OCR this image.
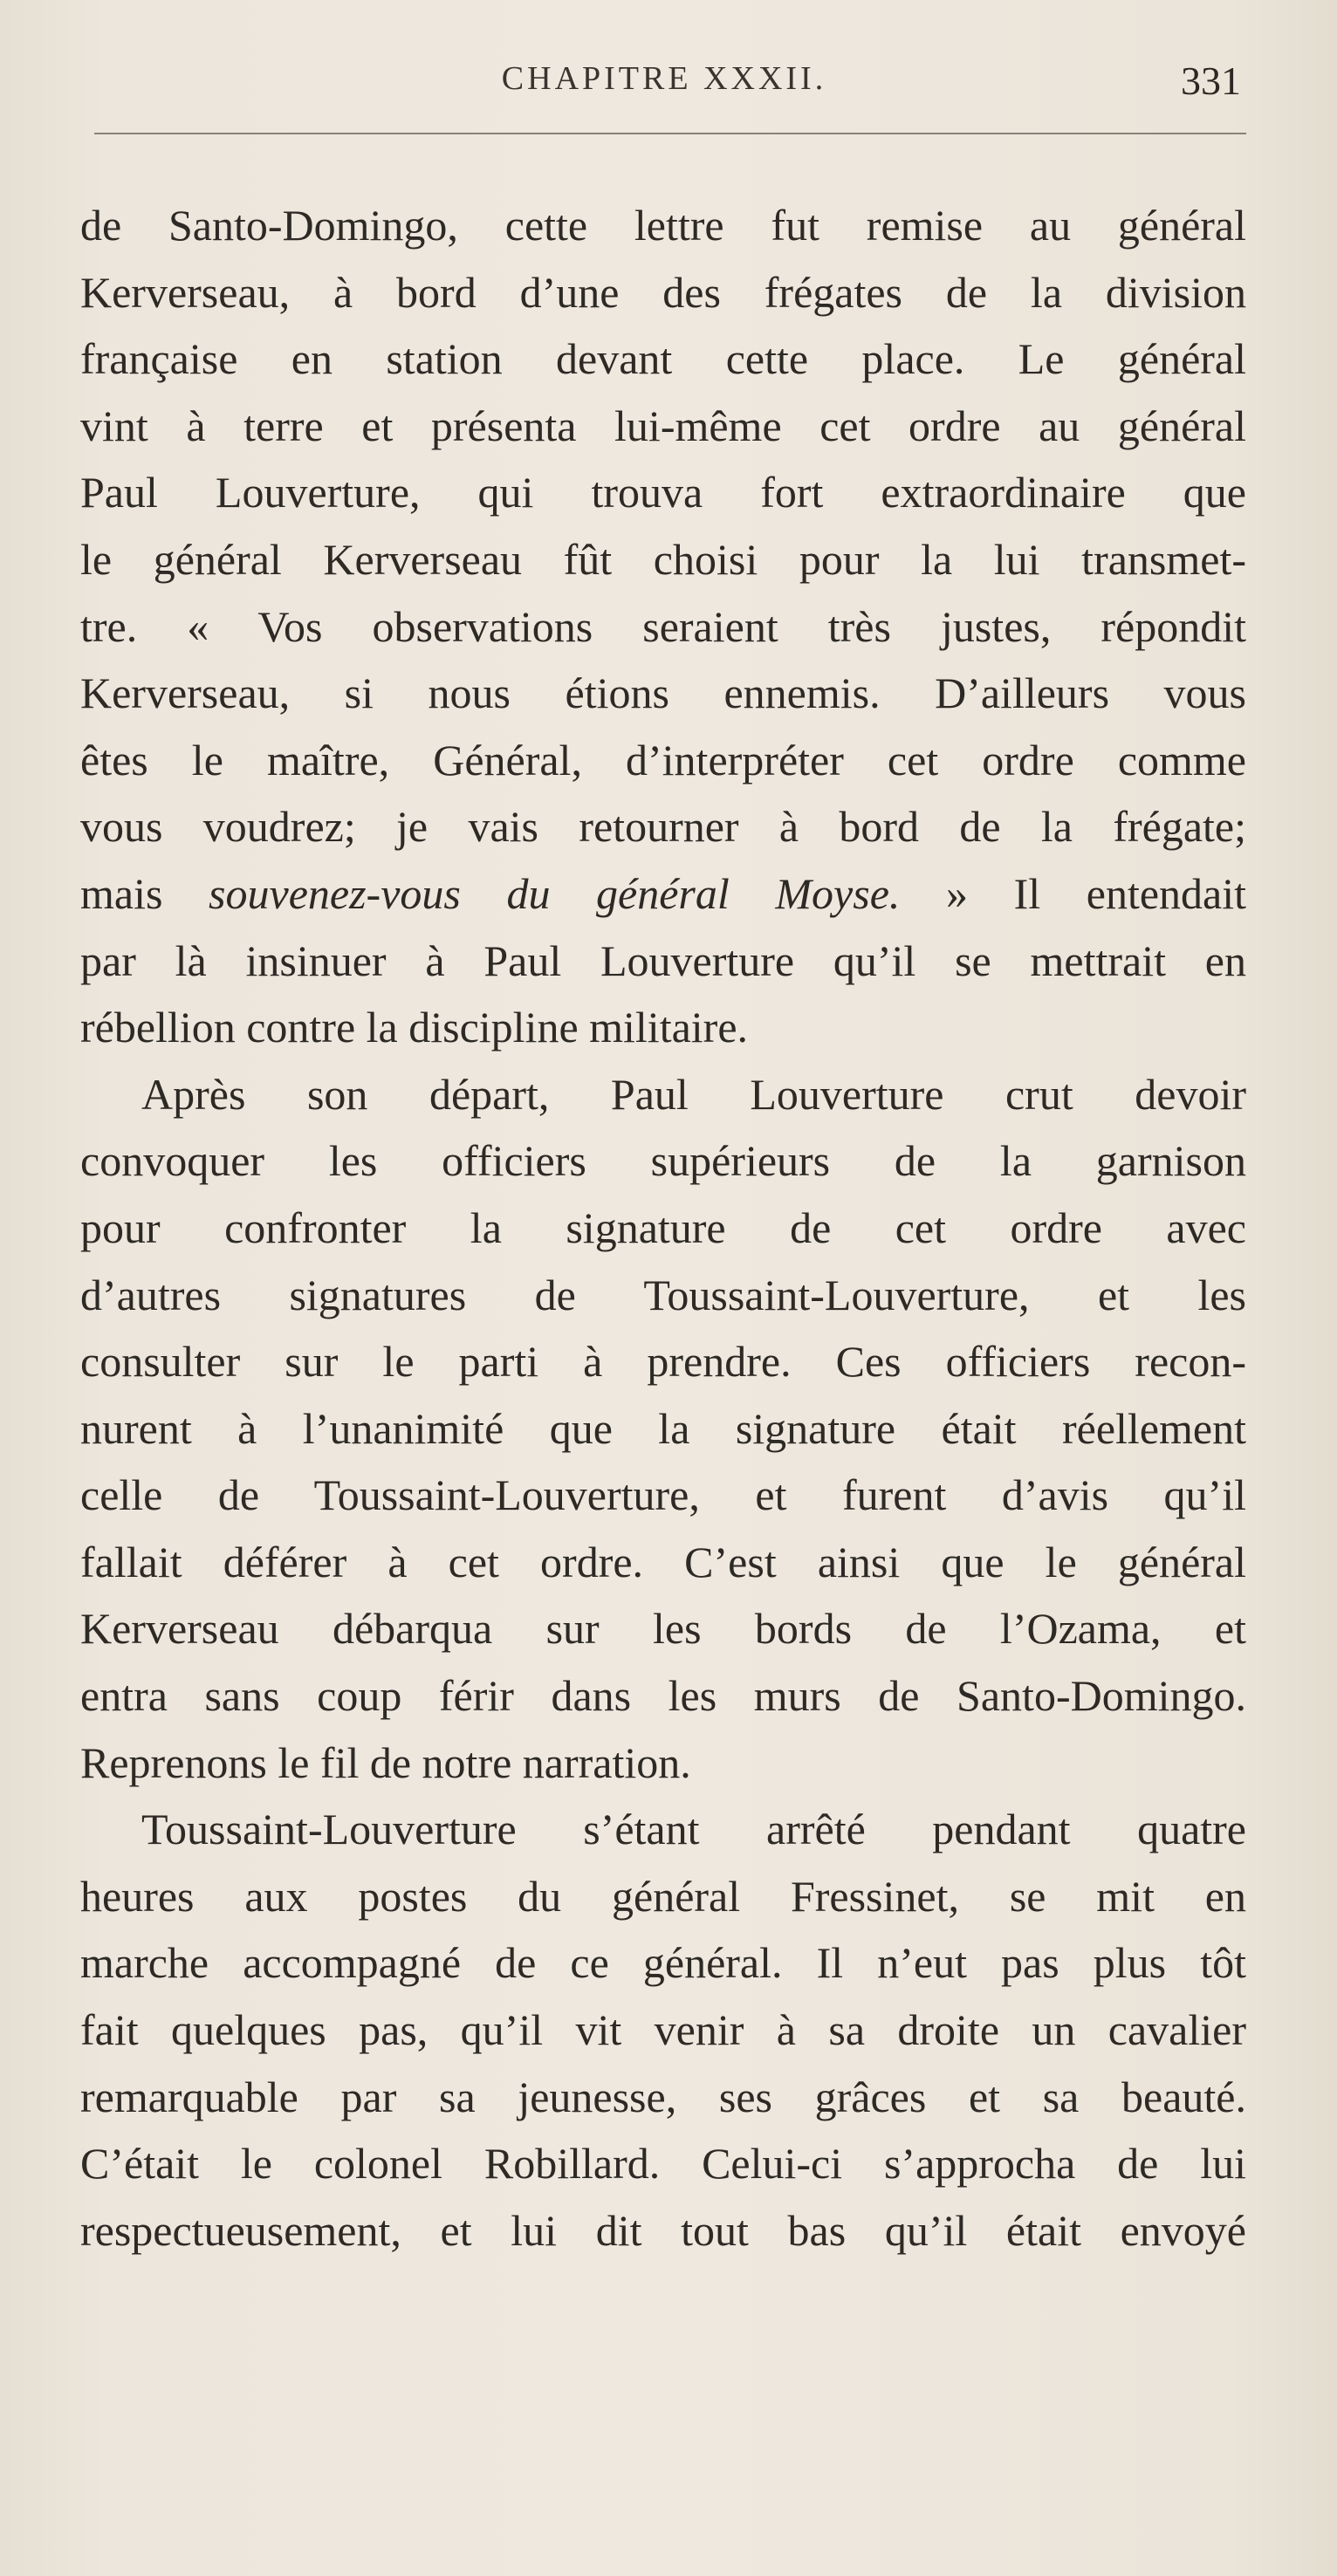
CHAPITRE XXXII.	331
de Santo-Domingo, cette lettre fut remise au général
Kerverseau, à bord d’une des frégates de la division
française en station devant cette place. Le général
vint à terre et présenta lui-même cet ordre au général
Paul Louverture, qui trouva fort extraordinaire que
le général Kerverseau fût choisi pour la lui transmet-
tre. « Vos observations seraient très justes, répondit
Kerverseau, si nous étions ennemis. D’ailleurs vous
êtes le maître, Général, d’interpréter cet ordre comme
vous voudrez; je vais retourner à bord de la frégate;
mais souvenez-vous du général Moyse. » Il entendait
par là insinuer à Paul Louverture qu’il se mettrait en
rébellion contre la discipline militaire.
Après son départ, Paul Louverture crut devoir
convoquer les officiers supérieurs de la garnison
pour confronter la signature de cet ordre avec
d’autres signatures de Toussaint-Louverture, et les
consulter sur le parti à prendre. Ces officiers recon-
nurent à l’unanimité que la signature était réellement
celle de Toussaint-Louverture, et furent d’avis qu’il
fallait déférer à cet ordre. C’est ainsi que le général
Kerverseau débarqua sur les bords de l’Ozama, et
entra sans coup férir dans les murs de Santo-Domingo.
Reprenons le fil de notre narration.
Toussaint-Louverture s’étant arrêté pendant quatre
heures aux postes du général Fressinet, se mit en
marche accompagné de ce général. Il n’eut pas plus tôt
fait quelques pas, qu’il vit venir à sa droite un cavalier
remarquable par sa jeunesse, ses grâces et sa beauté.
C’était le colonel Robillard. Celui-ci s’approcha de lui
respectueusement, et lui dit tout bas qu’il était envoyé
